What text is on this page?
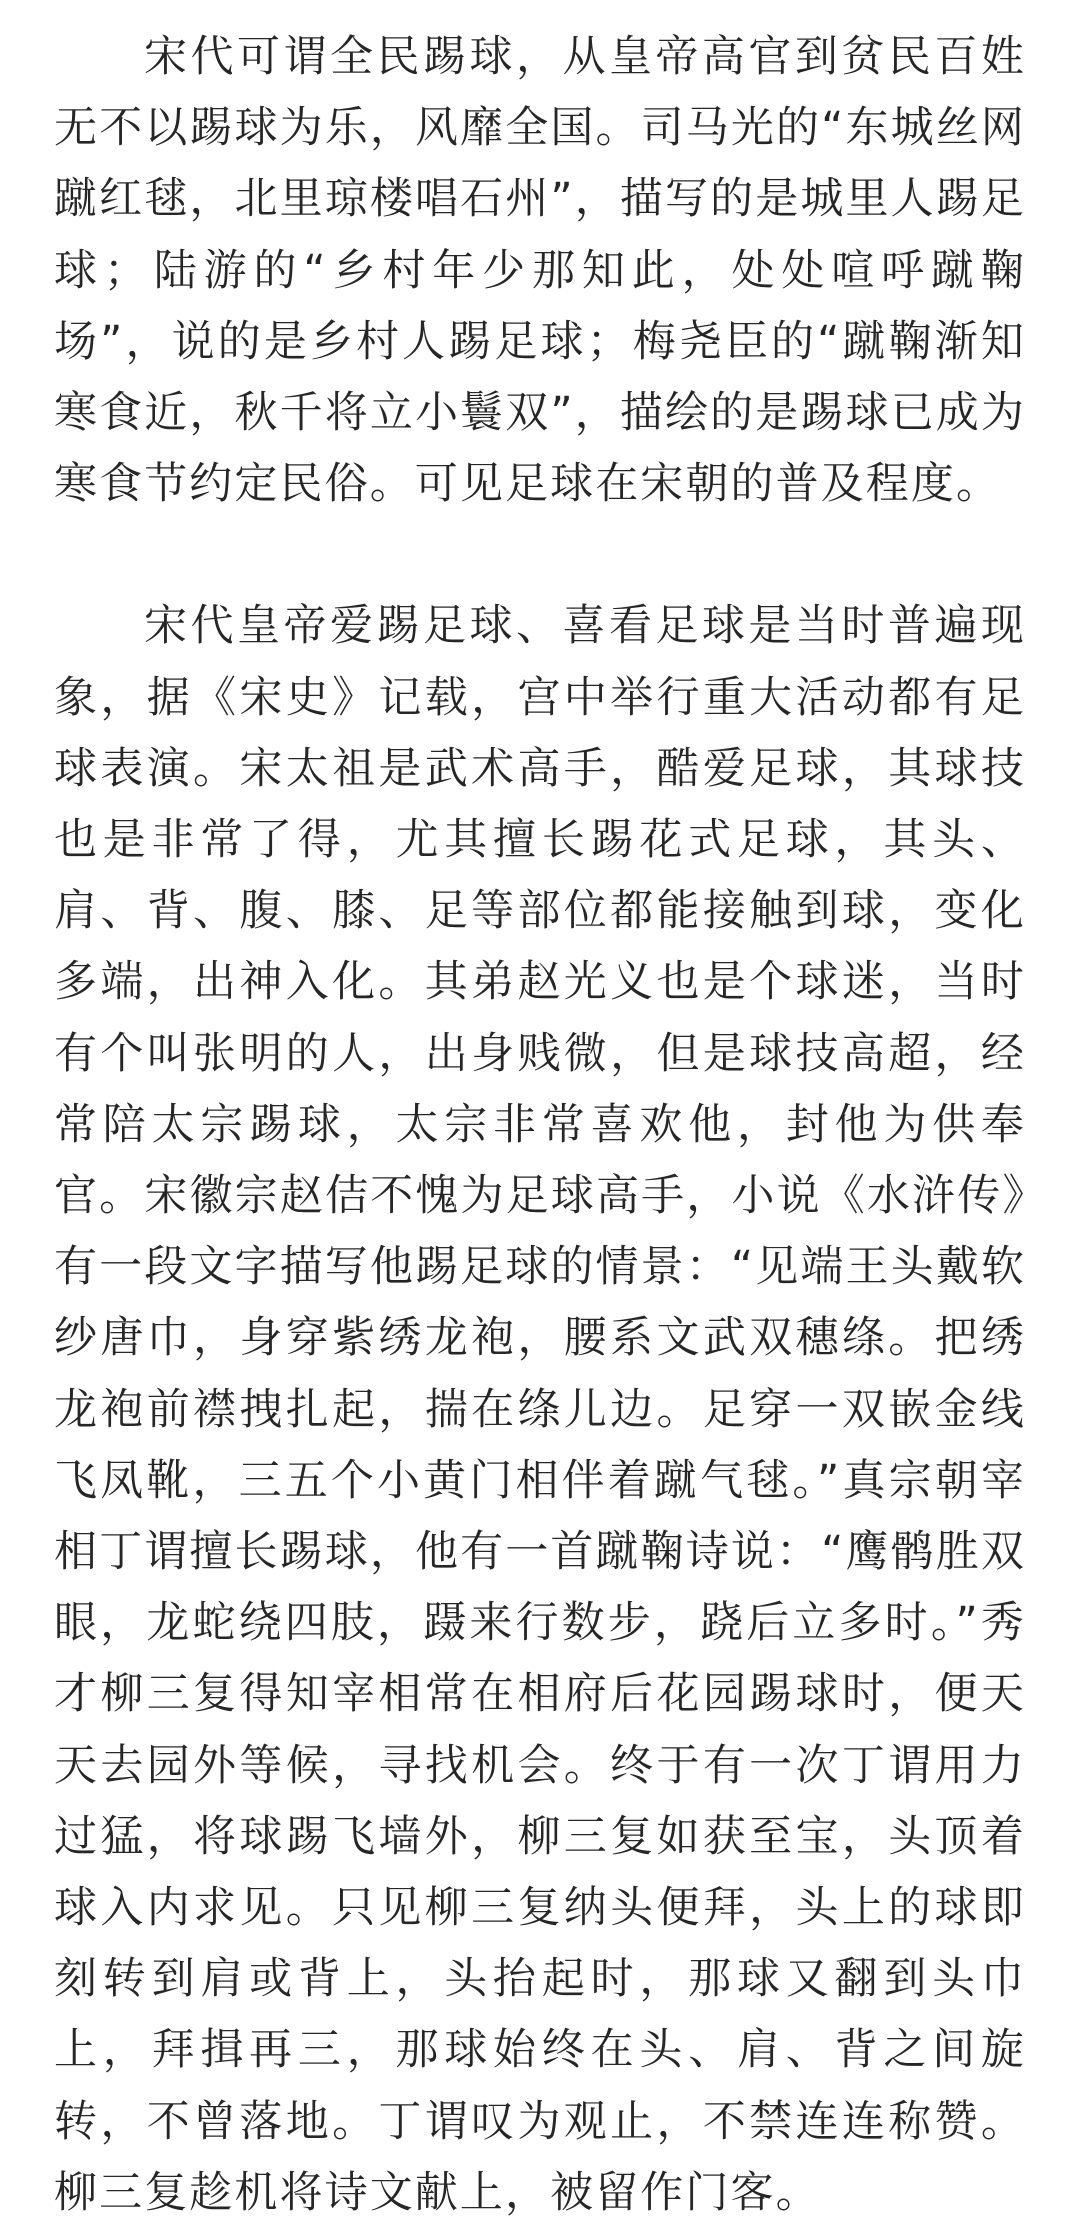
宋代可谓全民踢球，从皇帝高官到贫民百姓无不以踢球为乐，风靡全国。司马光的“东城丝网蹴红毬，北里琼楼唱石州”，描写的是城里人踢足球；陆游的“乡村年少那知此，处处喧呼蹴鞠场”，说的是乡村人踢足球；梅尧臣的“蹴鞠渐知寒食近，秋千将立小鬟双”，描绘的是踢球已成为寒食节约定民俗。可见足球在宋朝的普及程度。

宋代皇帝爱踢足球、喜看足球是当时普遍现象，据《宋史》记载，宫中举行重大活动都有足球表演。宋太祖是武术高手，酷爱足球，其球技也是非常了得，尤其擅长踢花式足球，其头、肩、背、腹、膝、足等部位都能接触到球，变化多端，出神入化。其弟赵光义也是个球迷，当时有个叫张明的人，出身贱微，但是球技高超，经常陪太宗踢球，太宗非常喜欢他，封他为供奉官。宋徽宗赵佶不愧为足球高手，小说《水浒传》有一段文字描写他踢足球的情景：“见端王头戴软纱唐巾，身穿紫绣龙袍，腰系文武双穗绦。把绣龙袍前襟拽扎起，揣在绦儿边。足穿一双嵌金线飞凤靴，三五个小黄门相伴着蹴气毬。”真宗朝宰相丁谓擅长踢球，他有一首蹴鞠诗说：“鹰鹘胜双眼，龙蛇绕四肢，蹑来行数步，跷后立多时。”秀才柳三复得知宰相常在相府后花园踢球时，便天天去园外等候，寻找机会。终于有一次丁谓用力过猛，将球踢飞墙外，柳三复如获至宝，头顶着球入内求见。只见柳三复纳头便拜，头上的球即刻转到肩或背上，头抬起时，那球又翻到头巾上，拜揖再三，那球始终在头、肩、背之间旋转，不曾落地。丁谓叹为观止，不禁连连称赞。柳三复趁机将诗文献上，被留作门客。
